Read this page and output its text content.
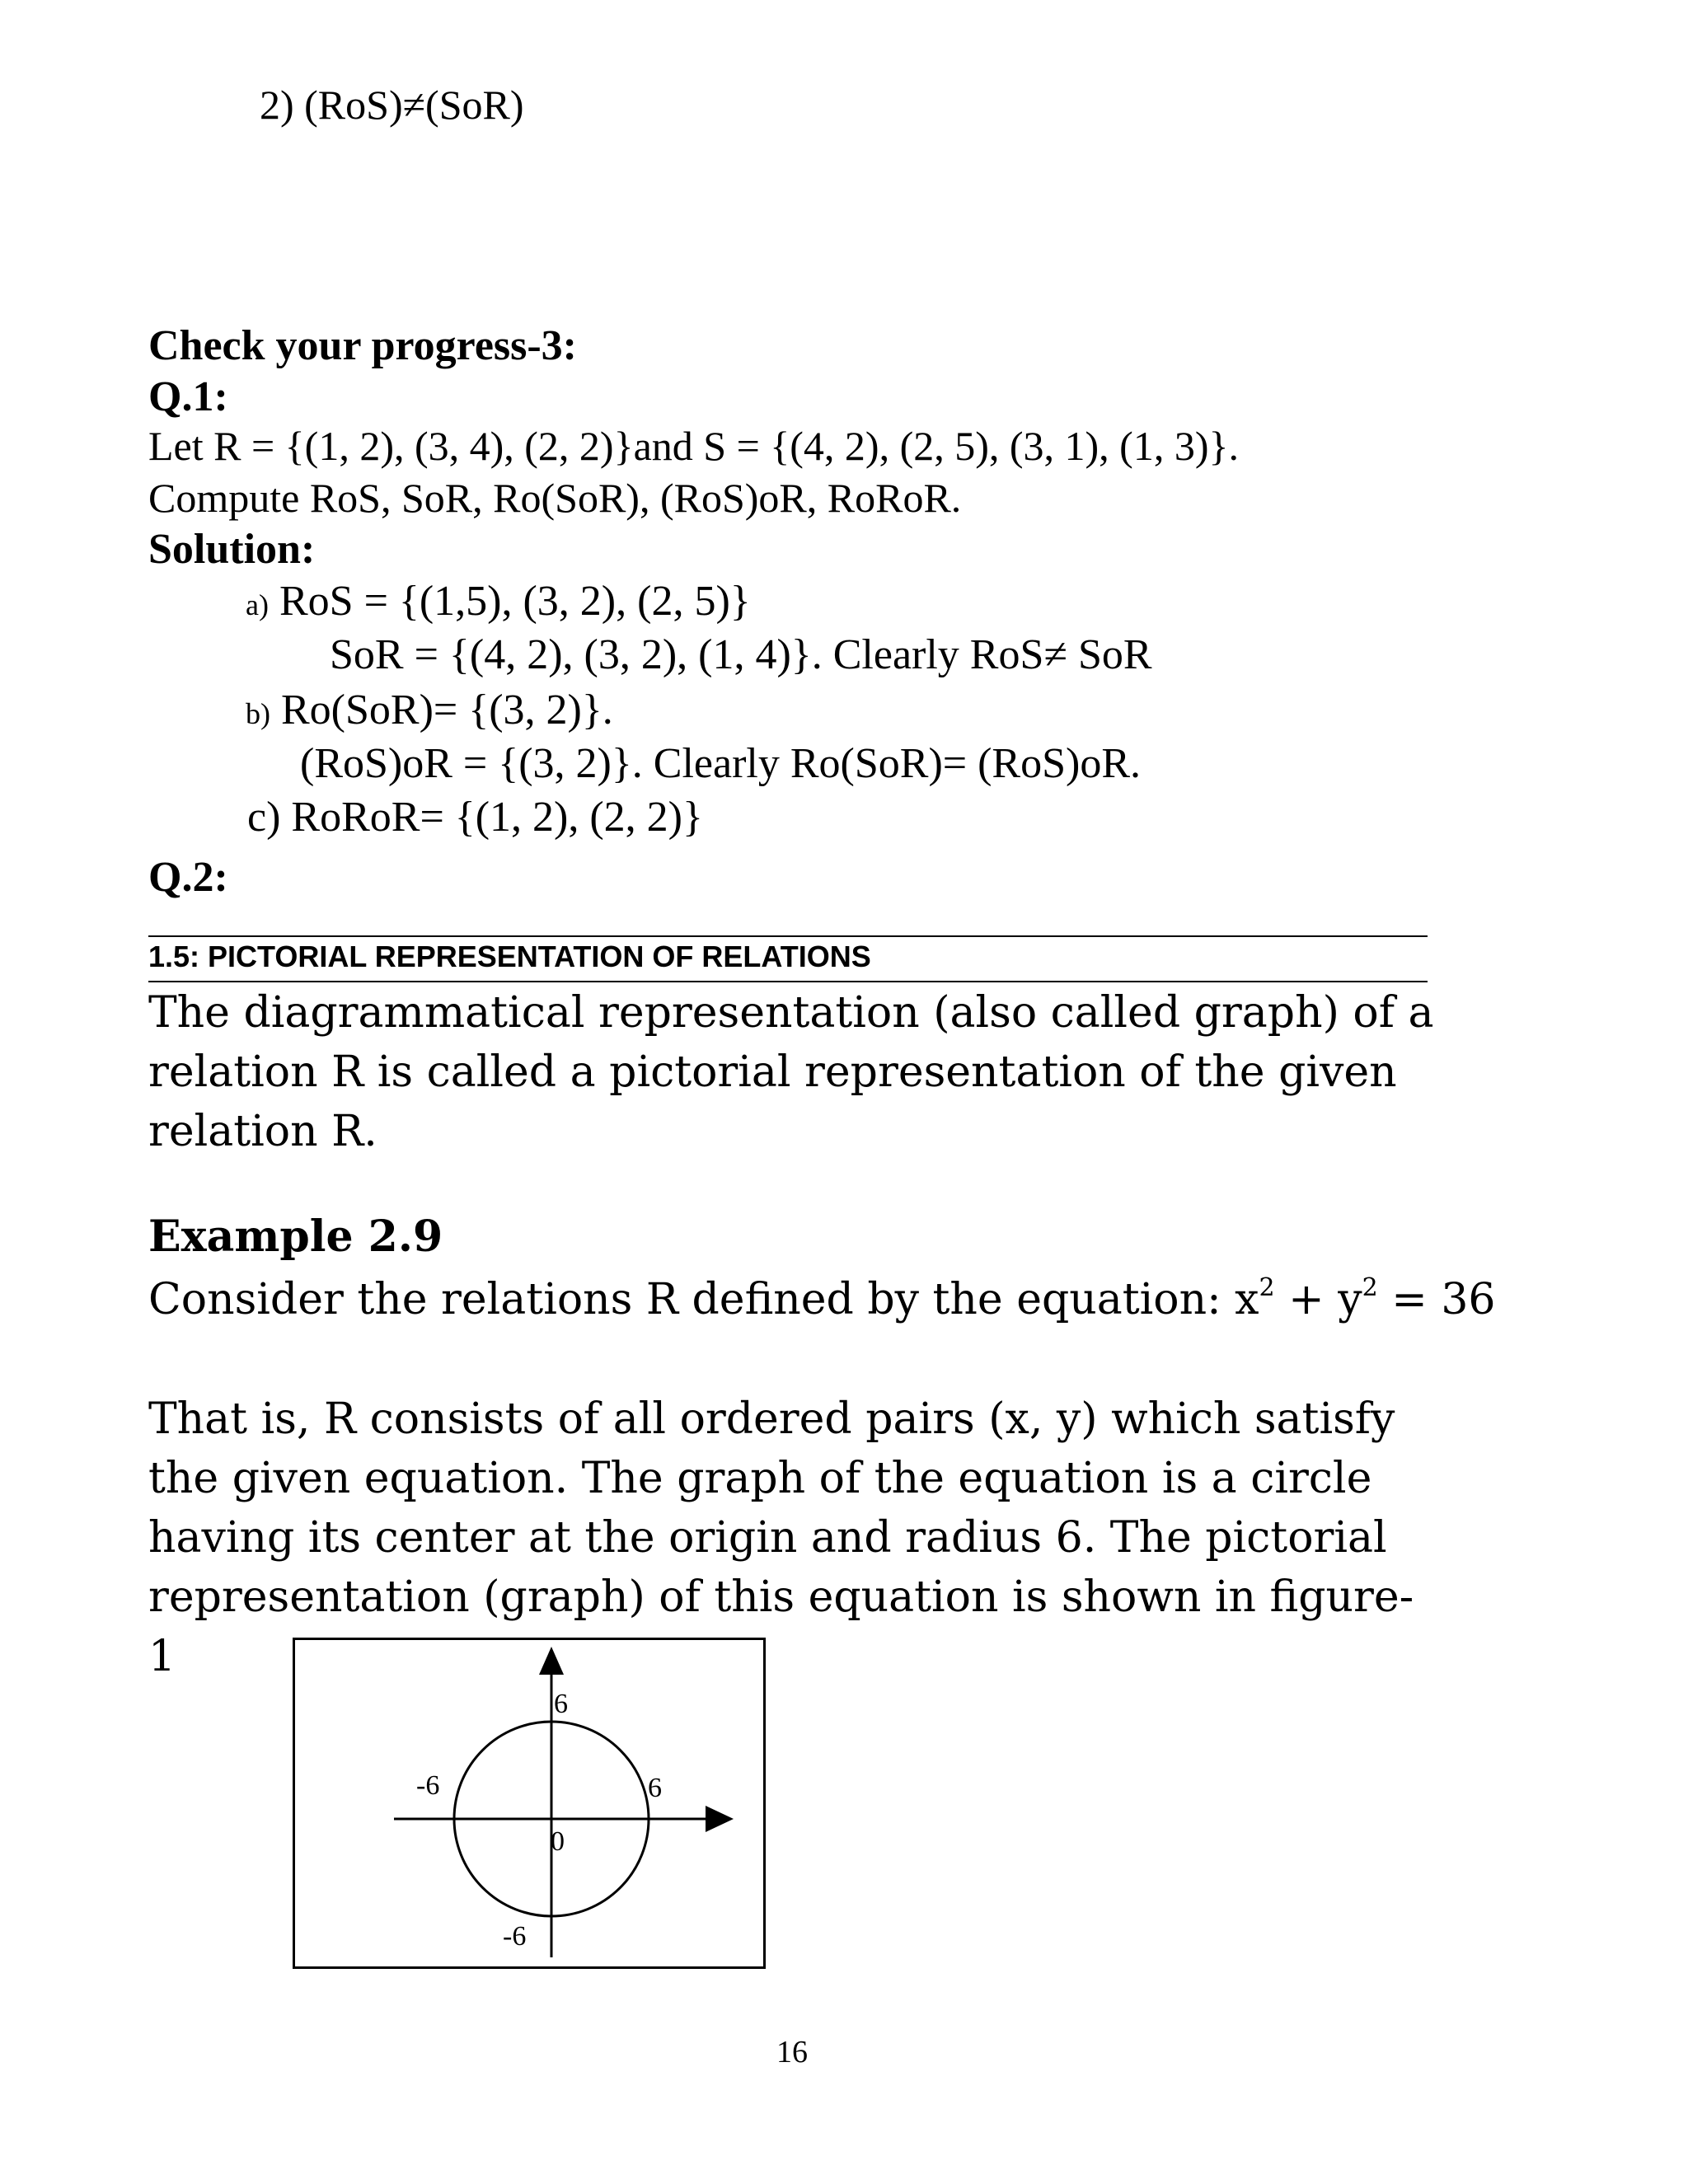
2) (RoS)≠(SoR)
Check your progress-3:
Q.1:
Let R = {(1, 2), (3, 4), (2, 2)}and S = {(4, 2), (2, 5), (3, 1), (1, 3)}.
Compute RoS, SoR, Ro(SoR), (RoS)oR, RoRoR.
Solution:
a) RoS = {(1,5), (3, 2), (2, 5)}
SoR = {(4, 2), (3, 2), (1, 4)}. Clearly RoS≠ SoR
b) Ro(SoR)= {(3, 2)}.
(RoS)oR = {(3, 2)}. Clearly Ro(SoR)= (RoS)oR.
c) RoRoR= {(1, 2), (2, 2)}
Q.2:
1.5: PICTORIAL REPRESENTATION OF RELATIONS
The diagrammatical representation (also called graph) of a relation R is called a pictorial representation of the given relation R.
Example 2.9
Consider the relations R defined by the equation: $x^2 + y^2 = 36$
That is, R consists of all ordered pairs (x, y) which satisfy the given equation. The graph of the equation is a circle having its center at the origin and radius 6. The pictorial representation (graph) of this equation is shown in figure-1
6
-6	6
0
-6
16
